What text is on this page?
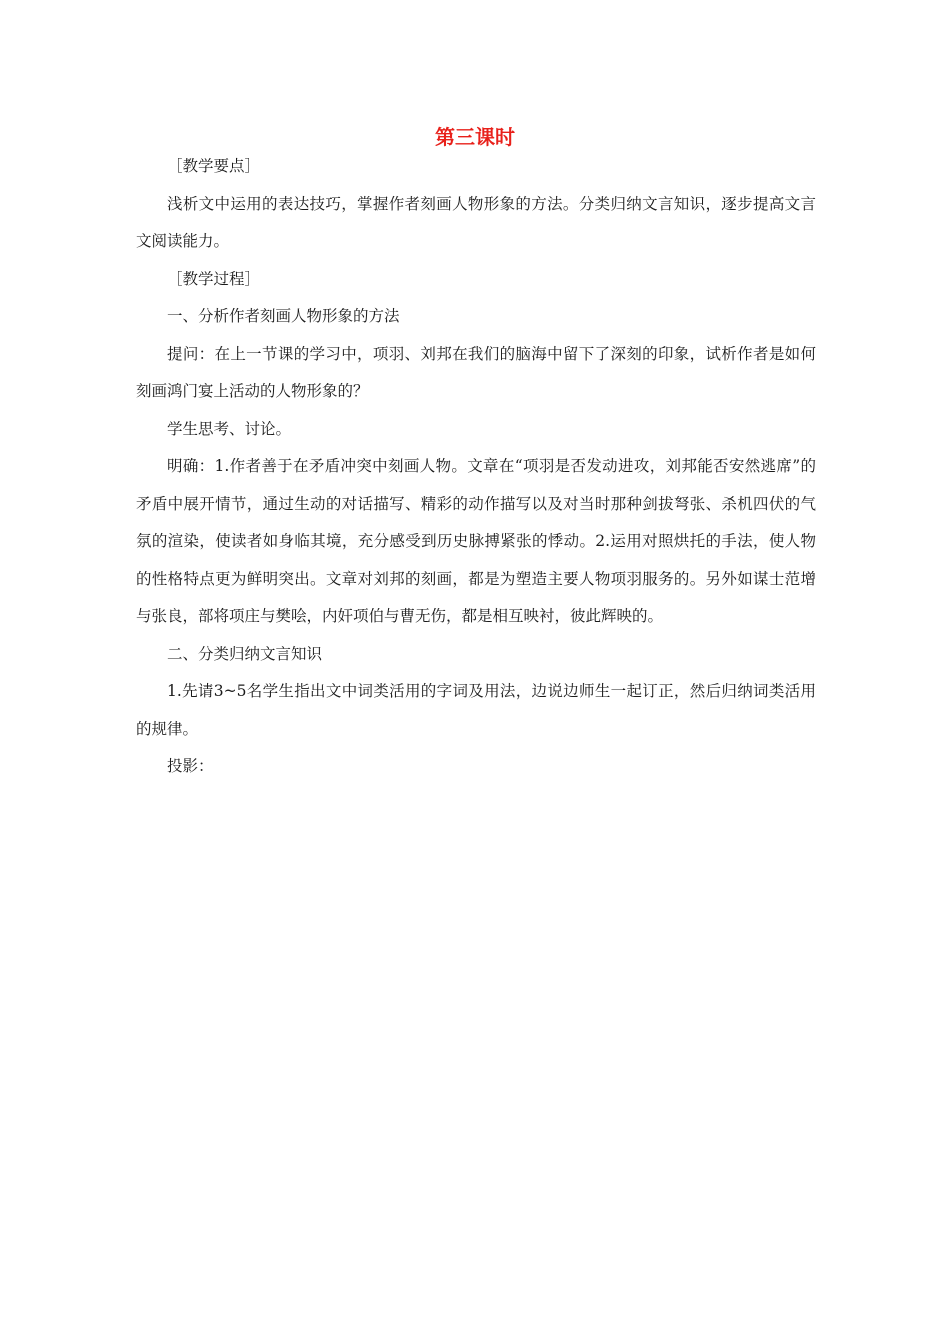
第三课时

［教学要点］

浅析文中运用的表达技巧，掌握作者刻画人物形象的方法。分类归纳文言知识，逐步提高文言文阅读能力。

［教学过程］

一、分析作者刻画人物形象的方法

提问：在上一节课的学习中，项羽、刘邦在我们的脑海中留下了深刻的印象，试析作者是如何刻画鸿门宴上活动的人物形象的？

学生思考、讨论。

明确：1.作者善于在矛盾冲突中刻画人物。文章在“项羽是否发动进攻，刘邦能否安然逃席”的矛盾中展开情节，通过生动的对话描写、精彩的动作描写以及对当时那种剑拔弩张、杀机四伏的气氛的渲染，使读者如身临其境，充分感受到历史脉搏紧张的悸动。2.运用对照烘托的手法，使人物的性格特点更为鲜明突出。文章对刘邦的刻画，都是为塑造主要人物项羽服务的。另外如谋士范增与张良，部将项庄与樊哙，内奸项伯与曹无伤，都是相互映衬，彼此辉映的。

二、分类归纳文言知识

1.先请3~5名学生指出文中词类活用的字词及用法，边说边师生一起订正，然后归纳词类活用的规律。

投影：
